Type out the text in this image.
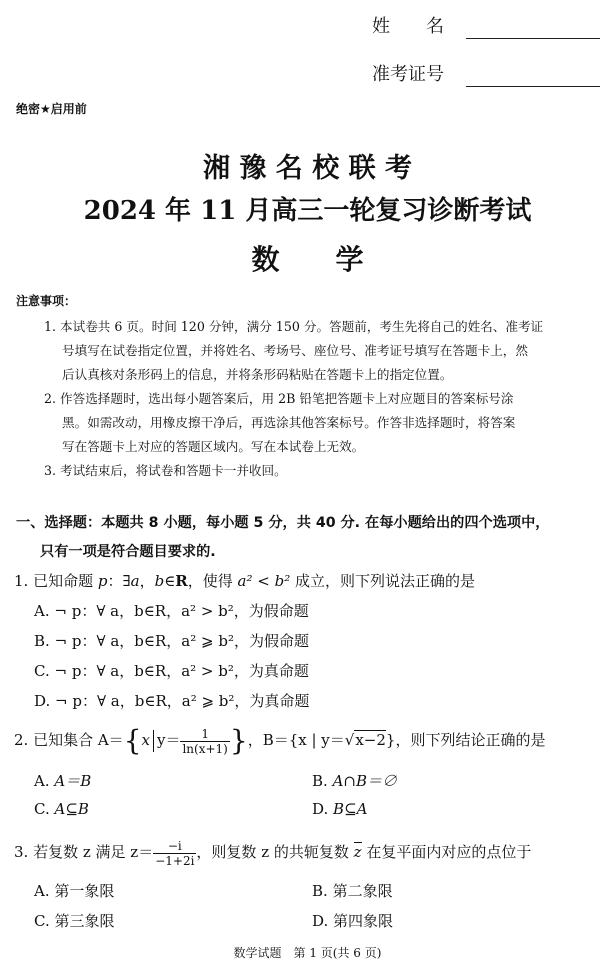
姓　　名
准考证号
绝密★启用前
湘 豫 名 校 联 考
2024 年 11 月高三一轮复习诊断考试
数　　学
注意事项：
1. 本试卷共 6 页。时间 120 分钟，满分 150 分。答题前，考生先将自己的姓名、准考证
号填写在试卷指定位置，并将姓名、考场号、座位号、准考证号填写在答题卡上，然
后认真核对条形码上的信息，并将条形码粘贴在答题卡上的指定位置。
2. 作答选择题时，选出每小题答案后，用 2B 铅笔把答题卡上对应题目的答案标号涂
黑。如需改动，用橡皮擦干净后，再选涂其他答案标号。作答非选择题时，将答案
写在答题卡上对应的答题区域内。写在本试卷上无效。
3. 考试结束后，将试卷和答题卡一并收回。
一、选择题：本题共 8 小题，每小题 5 分，共 40 分. 在每小题给出的四个选项中，
只有一项是符合题目要求的.
1. 已知命题 p：∃a，b∈R，使得 a² < b² 成立，则下列说法正确的是
A. ¬ p：∀ a，b∈R，a² > b²，为假命题
B. ¬ p：∀ a，b∈R，a² ⩾ b²，为假命题
C. ¬ p：∀ a，b∈R，a² > b²，为真命题
D. ¬ p：∀ a，b∈R，a² ⩾ b²，为真命题
2. 已知集合 A＝{x $y= \frac{1}{\ln(x+1)}$ }，B＝{x | y＝√x−2}，则下列结论正确的是
A. A＝B	B. A∩B＝∅
C. A⊆B	D. B⊆A
3. 若复数 z 满足 $z= \frac{-i}{-1+2i}$ ，则复数 z 的共轭复数 z 在复平面内对应的点位于
A. 第一象限	B. 第二象限
C. 第三象限	D. 第四象限
数学试题　第 1 页(共 6 页)
